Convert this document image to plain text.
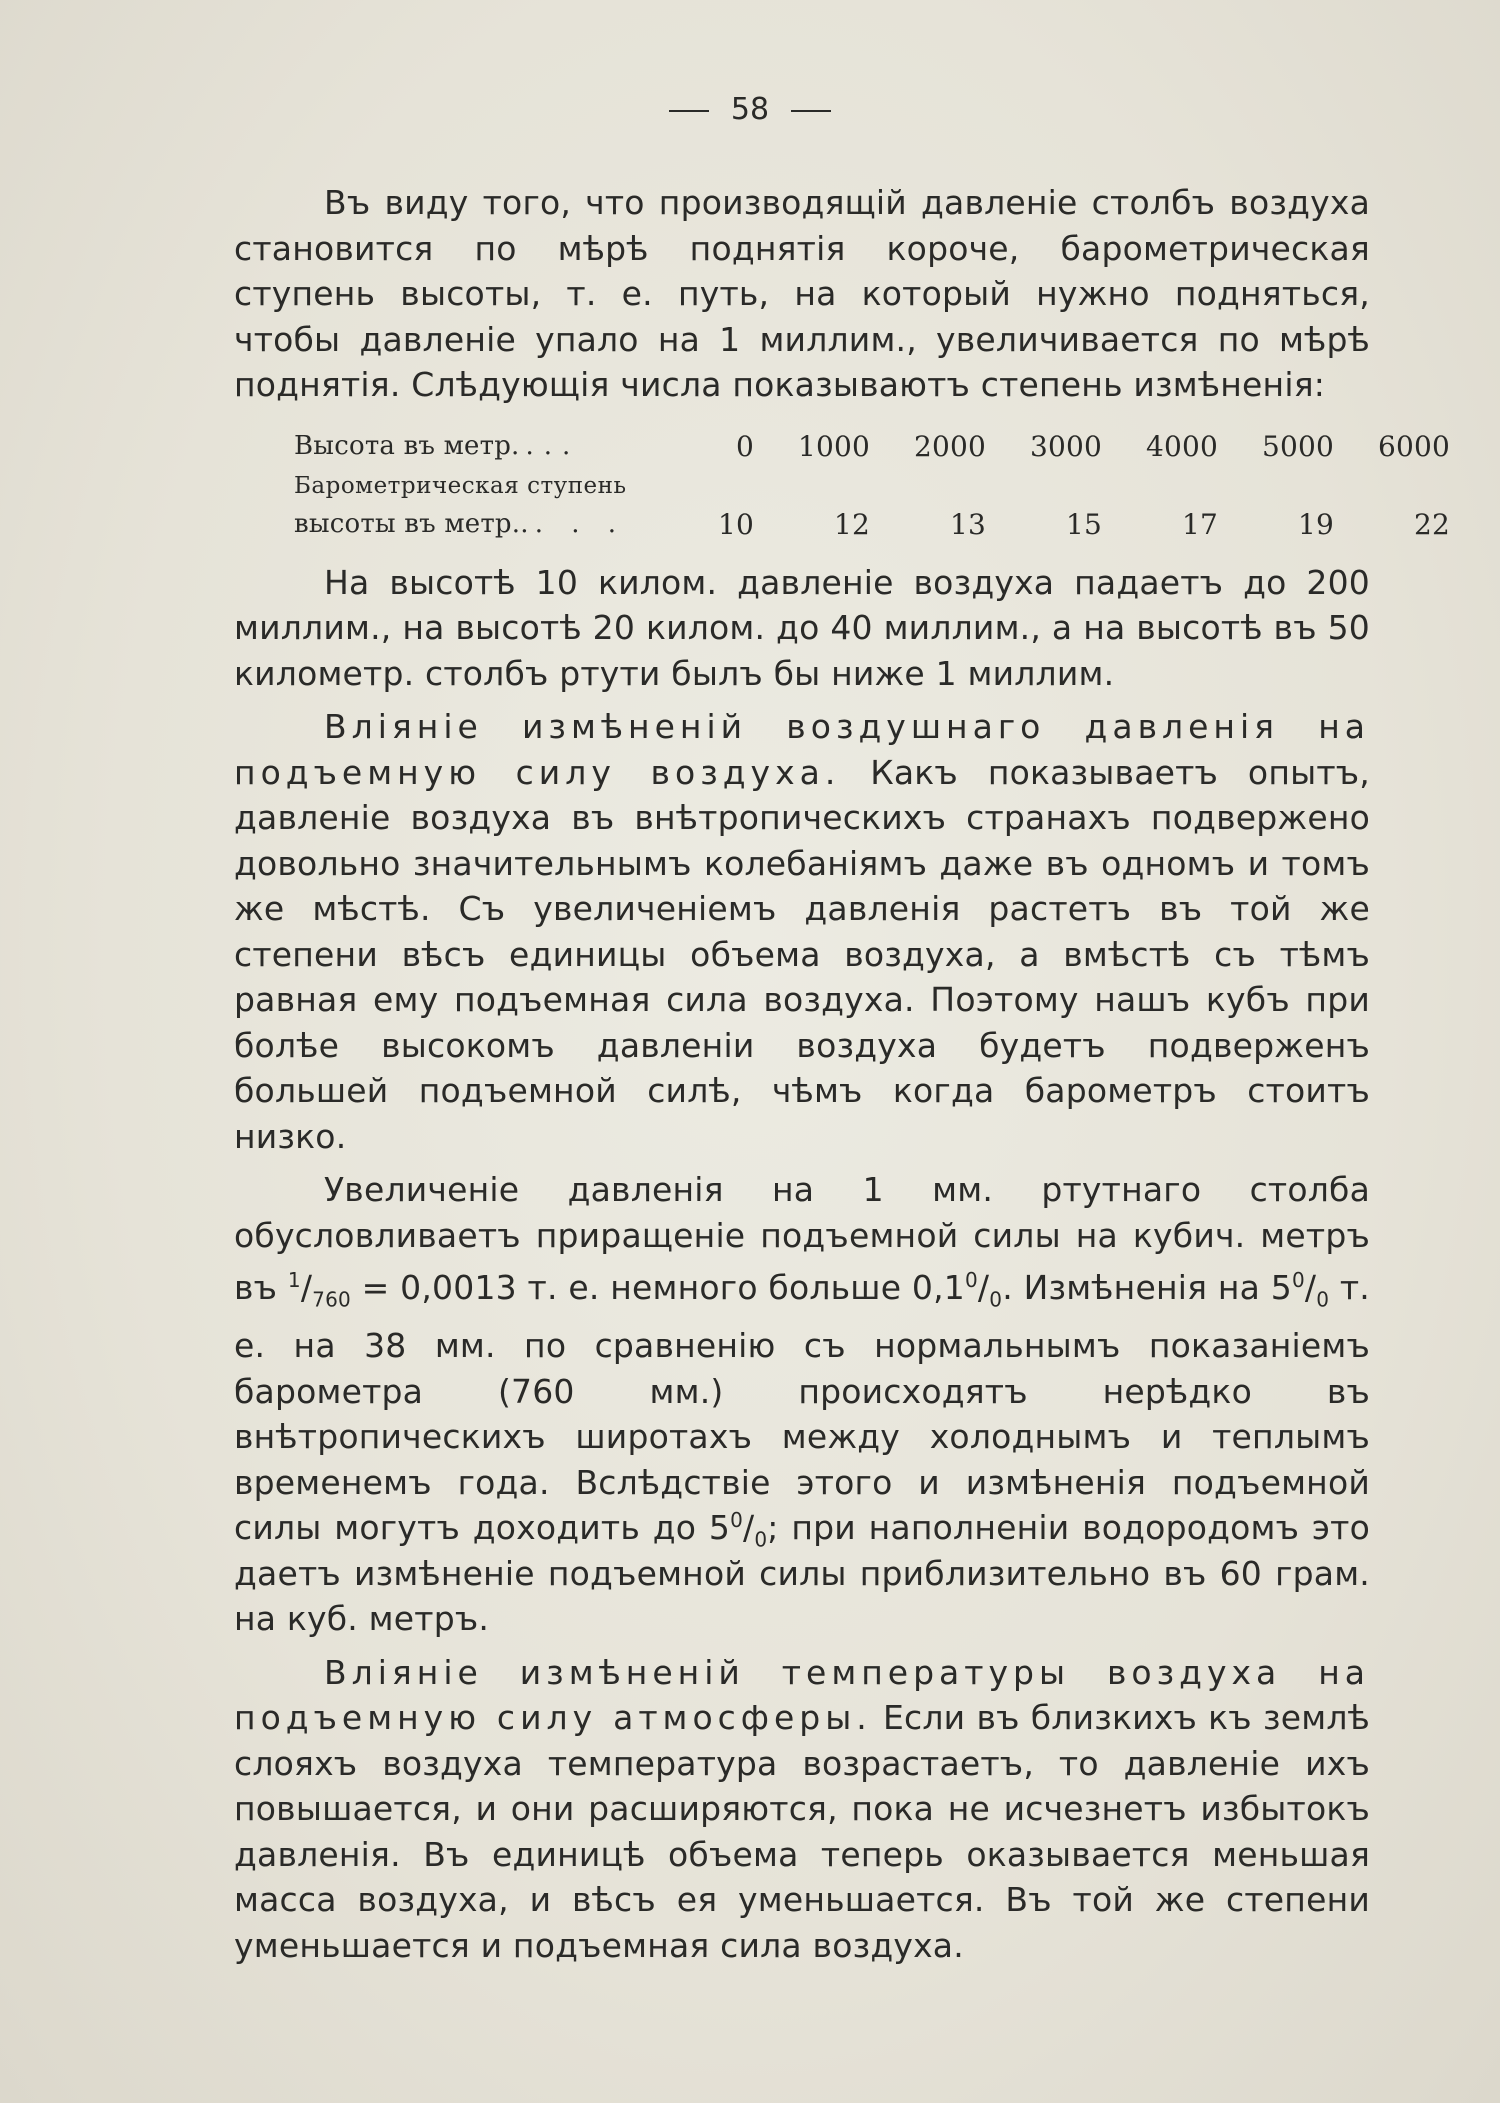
58

Въ виду того, что производящій давленіе столбъ воздуха становится по мѣрѣ поднятія короче, барометрическая ступень высоты, т. е. путь, на который нужно подняться, чтобы давленіе упало на 1 миллим., увеличивается по мѣрѣ поднятія. Слѣдующія числа показываютъ степень измѣненія:

Высота въ метр. ...	0	1000	2000	3000	4000	5000	6000
Барометрическая ступень
высоты въ метр.. . . .	10	12	13	15	17	19	22

На высотѣ 10 килом. давленіе воздуха падаетъ до 200 миллим., на высотѣ 20 килом. до 40 миллим., а на высотѣ въ 50 километр. столбъ ртути былъ бы ниже 1 миллим.

Вліяніе измѣненій воздушнаго давленія на подъемную силу воздуха. Какъ показываетъ опытъ, давленіе воздуха въ внѣтропическихъ странахъ подвержено довольно значительнымъ колебаніямъ даже въ одномъ и томъ же мѣстѣ. Съ увеличеніемъ давленія растетъ въ той же степени вѣсъ единицы объема воздуха, а вмѣстѣ съ тѣмъ равная ему подъемная сила воздуха. Поэтому нашъ кубъ при болѣе высокомъ давленіи воздуха будетъ подверженъ большей подъемной силѣ, чѣмъ когда барометръ стоитъ низко.

Увеличеніе давленія на 1 мм. ртутнаго столба обусловливаетъ приращеніе подъемной силы на кубич. метръ въ $^1/_{760} = 0,0013$ т. е. немного больше $0,1^0/_0$. Измѣненія на $5^0/_0$ т. е. на 38 мм. по сравненію съ нормальнымъ показаніемъ барометра (760 мм.) происходятъ нерѣдко въ внѣтропическихъ широтахъ между холоднымъ и теплымъ временемъ года. Вслѣдствіе этого и измѣненія подъемной силы могутъ доходить до $5^0/_0$; при наполненіи водородомъ это даетъ измѣненіе подъемной силы приблизительно въ 60 грам. на куб. метръ.

Вліяніе измѣненій температуры воздуха на подъемную силу атмосферы. Если въ близкихъ къ землѣ слояхъ воздуха температура возрастаетъ, то давленіе ихъ повышается, и они расширяются, пока не исчезнетъ избытокъ давленія. Въ единицѣ объема теперь оказывается меньшая масса воздуха, и вѣсъ ея уменьшается. Въ той же степени уменьшается и подъемная сила воздуха.
